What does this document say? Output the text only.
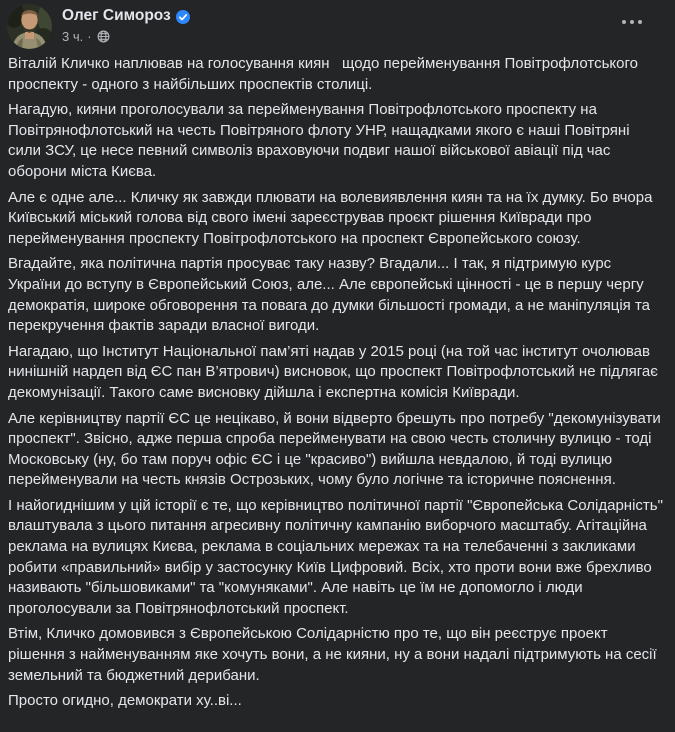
Олег Симороз
3 ч. ·

Віталій Кличко наплював на голосування киян   щодо перейменування Повітрофлотського проспекту - одного з найбільших проспектів столиці.

Нагадую, кияни проголосували за перейменування Повітрофлотського проспекту на Повітрянофлотський на честь Повітряного флоту УНР, нащадками якого є наші Повітряні сили ЗСУ, це несе певний символіз враховуючи подвиг нашої військової авіації під час оборони міста Києва.

Але є одне але... Кличку як завжди плювати на волевиявлення киян та на їх думку. Бо вчора Київський міський голова від свого імені зареєстрував проєкт рішення Київради про перейменування проспекту Повітрофлотського на проспект Європейського союзу.

Вгадайте, яка політична партія просуває таку назву? Вгадали... І так, я підтримую курс України до вступу в Європейський Союз, але... Але європейські цінності - це в першу чергу демократія, широке обговорення та повага до думки більшості громади, а не маніпуляція та перекручення фактів заради власної вигоди.

Нагадаю, що Інститут Національної пам’яті надав у 2015 році (на той час інститут очолював нинішній нардеп від ЄС пан В’ятрович) висновок, що проспект Повітрофлотський не підлягає декомунізації. Такого саме висновку дійшла і експертна комісія Київради.

Але керівництву партії ЄС це нецікаво, й вони відверто брешуть про потребу "декомунізувати проспект". Звісно, адже перша спроба перейменувати на свою честь столичну вулицю - тоді Московську (ну, бо там поруч офіс ЄС і це "красиво") вийшла невдалою, й тоді вулицю перейменували на честь князів Острозьких, чому було логічне та історичне пояснення.

І найогиднішим у цій історії є те, що керівництво політичної партії "Європейська Солідарність" влаштувала з цього питання агресивну політичну кампанію виборчого масштабу. Агітаційна реклама на вулицях Києва, реклама в соціальних мережах та на телебаченні з закликами робити «правильний» вибір у застосунку Київ Цифровий. Всіх, хто проти вони вже брехливо називають "більшовиками" та "комуняками". Але навіть це їм не допомогло і люди проголосували за Повітрянофлотський проспект.

Втім, Кличко домовився з Європейською Солідарністю про те, що він реєструє проект рішення з найменуванням яке хочуть вони, а не кияни, ну а вони надалі підтримують на сесії земельний та бюджетний дерибани.

Просто огидно, демократи ху..ві...
